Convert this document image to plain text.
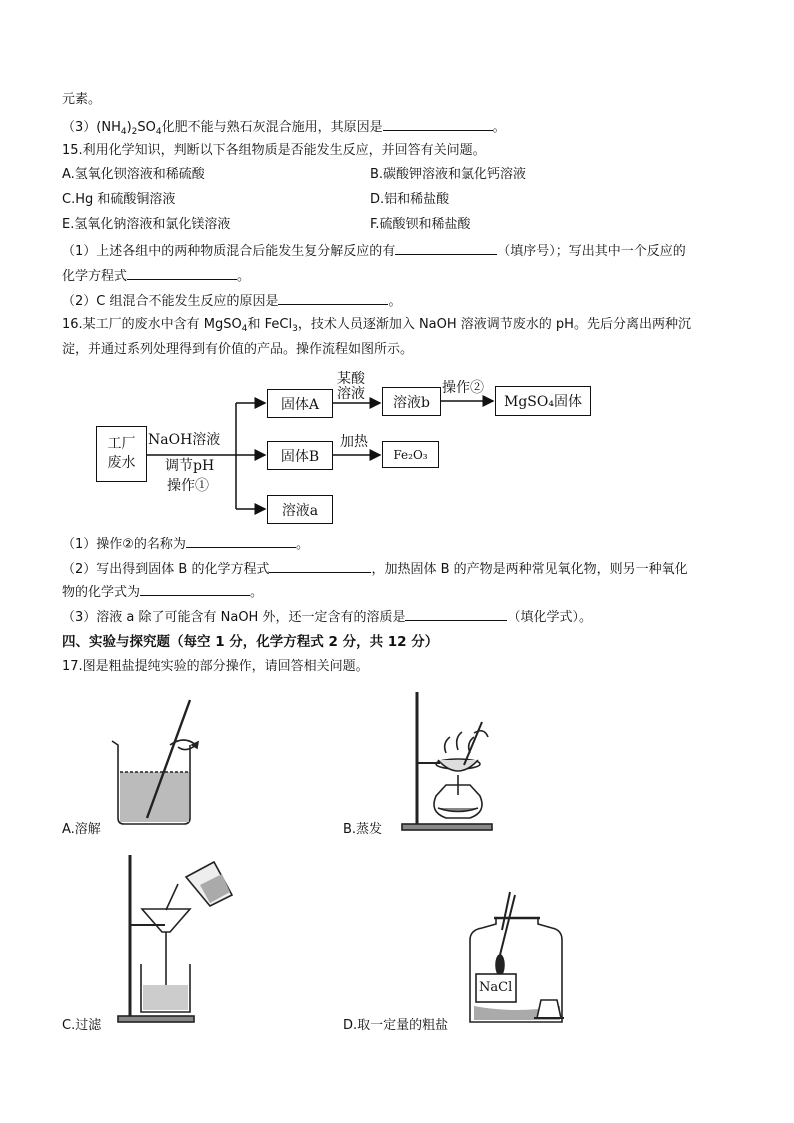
元素。
$(3)(NH_4)_2SO_4$化肥不能与熟石灰混合施用，其原因是	。
15.利用化学知识，判断以下各组物质是否能发生反应，并回答有关问题。
A.氢氧化钡溶液和稀硫酸	B.碳酸钾溶液和氯化钙溶液
C.Hg 和硫酸铜溶液	D.铝和稀盐酸
E.氢氧化钠溶液和氯化镁溶液	F.硫酸钡和稀盐酸
（1）上述各组中的两种物质混合后能发生复分解反应的有	（填序号）；写出其中一个反应的
化学方程式	。
（2）C 组混合不能发生反应的原因是	。
16.某工厂的废水中含有 MgSO$_4$和 FeCl$_3$，技术人员逐渐加入 NaOH 溶液调节废水的 pH。先后分离出两种沉
淀，并通过系列处理得到有价值的产品。操作流程如图所示。
工厂
废水
NaOH溶液
调节pH
操作①
固体A
某酸
溶液
溶液b
操作②
MgSO₄固体
固体B
加热
Fe₂O₃
溶液a
（1）操作②的名称为	。
（2）写出得到固体 B 的化学方程式	，加热固体 B 的产物是两种常见氧化物，则另一种氧化
物的化学式为	。
（3）溶液 a 除了可能含有 NaOH 外，还一定含有的溶质是	（填化学式）。
四、实验与探究题（每空 1 分，化学方程式 2 分，共 12 分）
17.图是粗盐提纯实验的部分操作，请回答相关问题。
NaCl
A.溶解	B.蒸发
C.过滤	D.取一定量的粗盐
